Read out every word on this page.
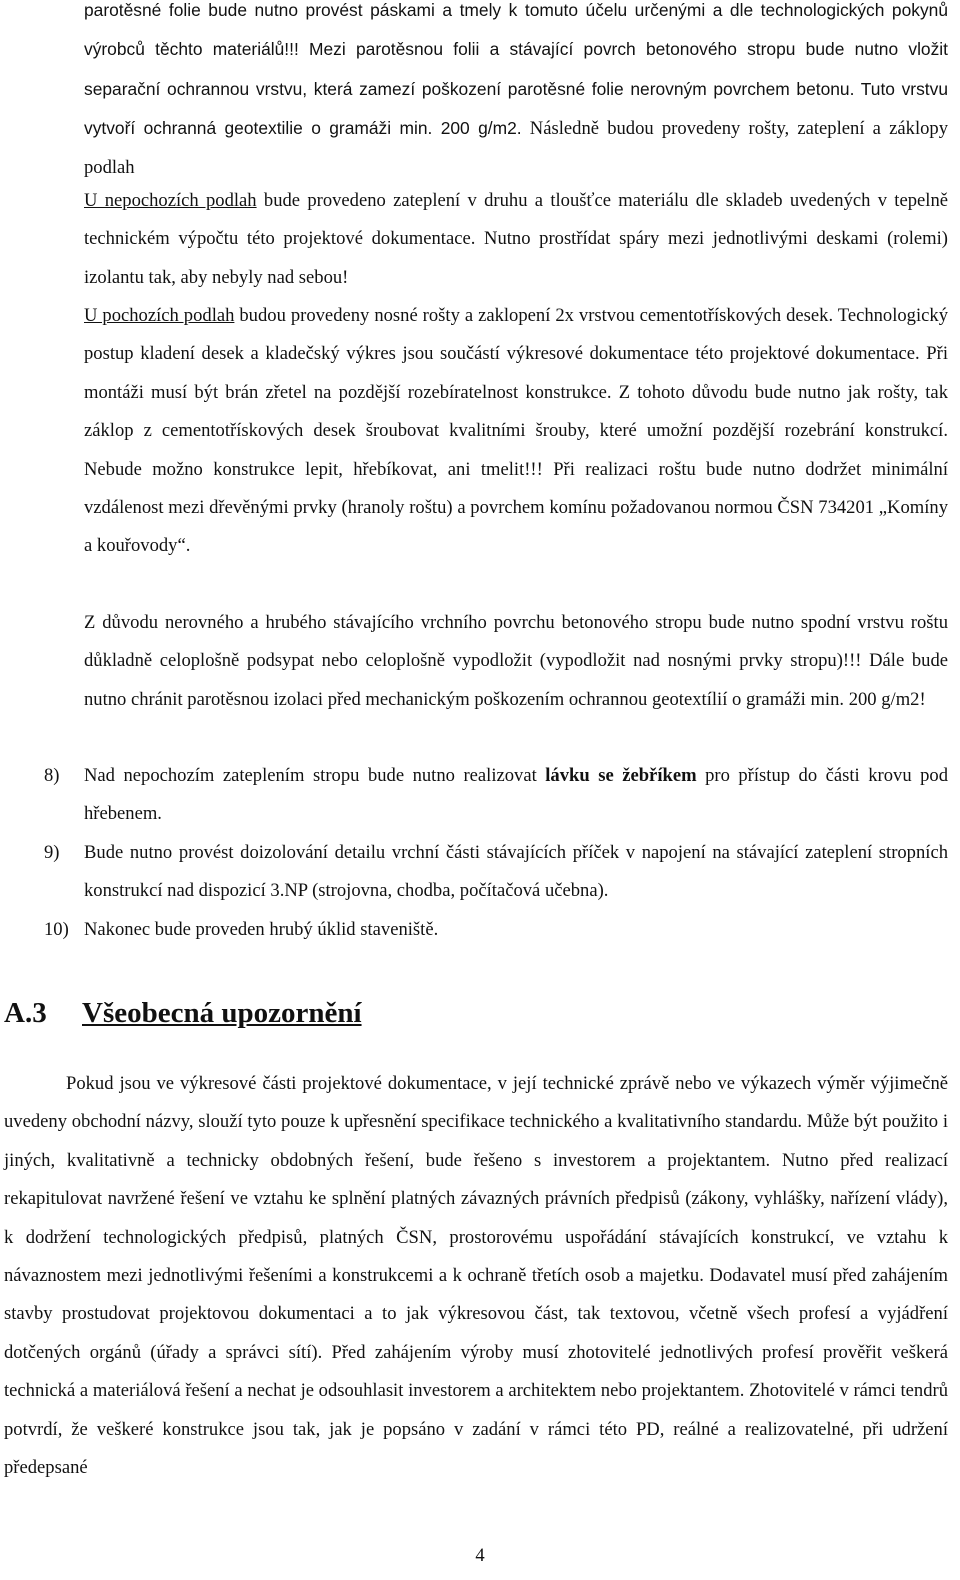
parotěsné folie bude nutno provést páskami a tmely k tomuto účelu určenými a dle technologických pokynů výrobců těchto materiálů!!! Mezi parotěsnou folii a stávající povrch betonového stropu bude nutno vložit separační ochrannou vrstvu, která zamezí poškození parotěsné folie nerovným povrchem betonu. Tuto vrstvu vytvoří ochranná geotextilie o gramáži min. 200 g/m2. Následně budou provedeny rošty, zateplení a záklopy podlah

U nepochozích podlah bude provedeno zateplení v druhu a tloušťce materiálu dle skladeb uvedených v tepelně technickém výpočtu této projektové dokumentace. Nutno prostřídat spáry mezi jednotlivými deskami (rolemi) izolantu tak, aby nebyly nad sebou!

U pochozích podlah budou provedeny nosné rošty a zaklopení 2x vrstvou cementotřískových desek. Technologický postup kladení desek a kladečský výkres jsou součástí výkresové dokumentace této projektové dokumentace. Při montáži musí být brán zřetel na pozdější rozebíratelnost konstrukce. Z tohoto důvodu bude nutno jak rošty, tak záklop z cementotřískových desek šroubovat kvalitními šrouby, které umožní pozdější rozebrání konstrukcí. Nebude možno konstrukce lepit, hřebíkovat, ani tmelit!!! Při realizaci roštu bude nutno dodržet minimální vzdálenost mezi dřevěnými prvky (hranoly roštu) a povrchem komínu požadovanou normou ČSN 734201 „Komíny a kouřovody“.

Z důvodu nerovného a hrubého stávajícího vrchního povrchu betonového stropu bude nutno spodní vrstvu roštu důkladně celoplošně podsypat nebo celoplošně vypodložit (vypodložit nad nosnými prvky stropu)!!! Dále bude nutno chránit parotěsnou izolaci před mechanickým poškozením ochrannou geotextílií o gramáži min. 200 g/m2!

8) Nad nepochozím zateplením stropu bude nutno realizovat lávku se žebříkem pro přístup do části krovu pod hřebenem.

9) Bude nutno provést doizolování detailu vrchní části stávajících příček v napojení na stávající zateplení stropních konstrukcí nad dispozicí 3.NP (strojovna, chodba, počítačová učebna).

10) Nakonec bude proveden hrubý úklid staveniště.

A.3 Všeobecná upozornění

Pokud jsou ve výkresové části projektové dokumentace, v její technické zprávě nebo ve výkazech výměr výjimečně uvedeny obchodní názvy, slouží tyto pouze k upřesnění specifikace technického a kvalitativního standardu. Může být použito i jiných, kvalitativně a technicky obdobných řešení, bude řešeno s investorem a projektantem. Nutno před realizací rekapitulovat navržené řešení ve vztahu ke splnění platných závazných právních předpisů (zákony, vyhlášky, nařízení vlády), k dodržení technologických předpisů, platných ČSN, prostorovému uspořádání stávajících konstrukcí, ve vztahu k návaznostem mezi jednotlivými řešeními a konstrukcemi a k ochraně třetích osob a majetku. Dodavatel musí před zahájením stavby prostudovat projektovou dokumentaci a to jak výkresovou část, tak textovou, včetně všech profesí a vyjádření dotčených orgánů (úřady a správci sítí). Před zahájením výroby musí zhotovitelé jednotlivých profesí prověřit veškerá technická a materiálová řešení a nechat je odsouhlasit investorem a architektem nebo projektantem. Zhotovitelé v rámci tendrů potvrdí, že veškeré konstrukce jsou tak, jak je popsáno v zadání v rámci této PD, reálné a realizovatelné, při udržení předepsané

4
